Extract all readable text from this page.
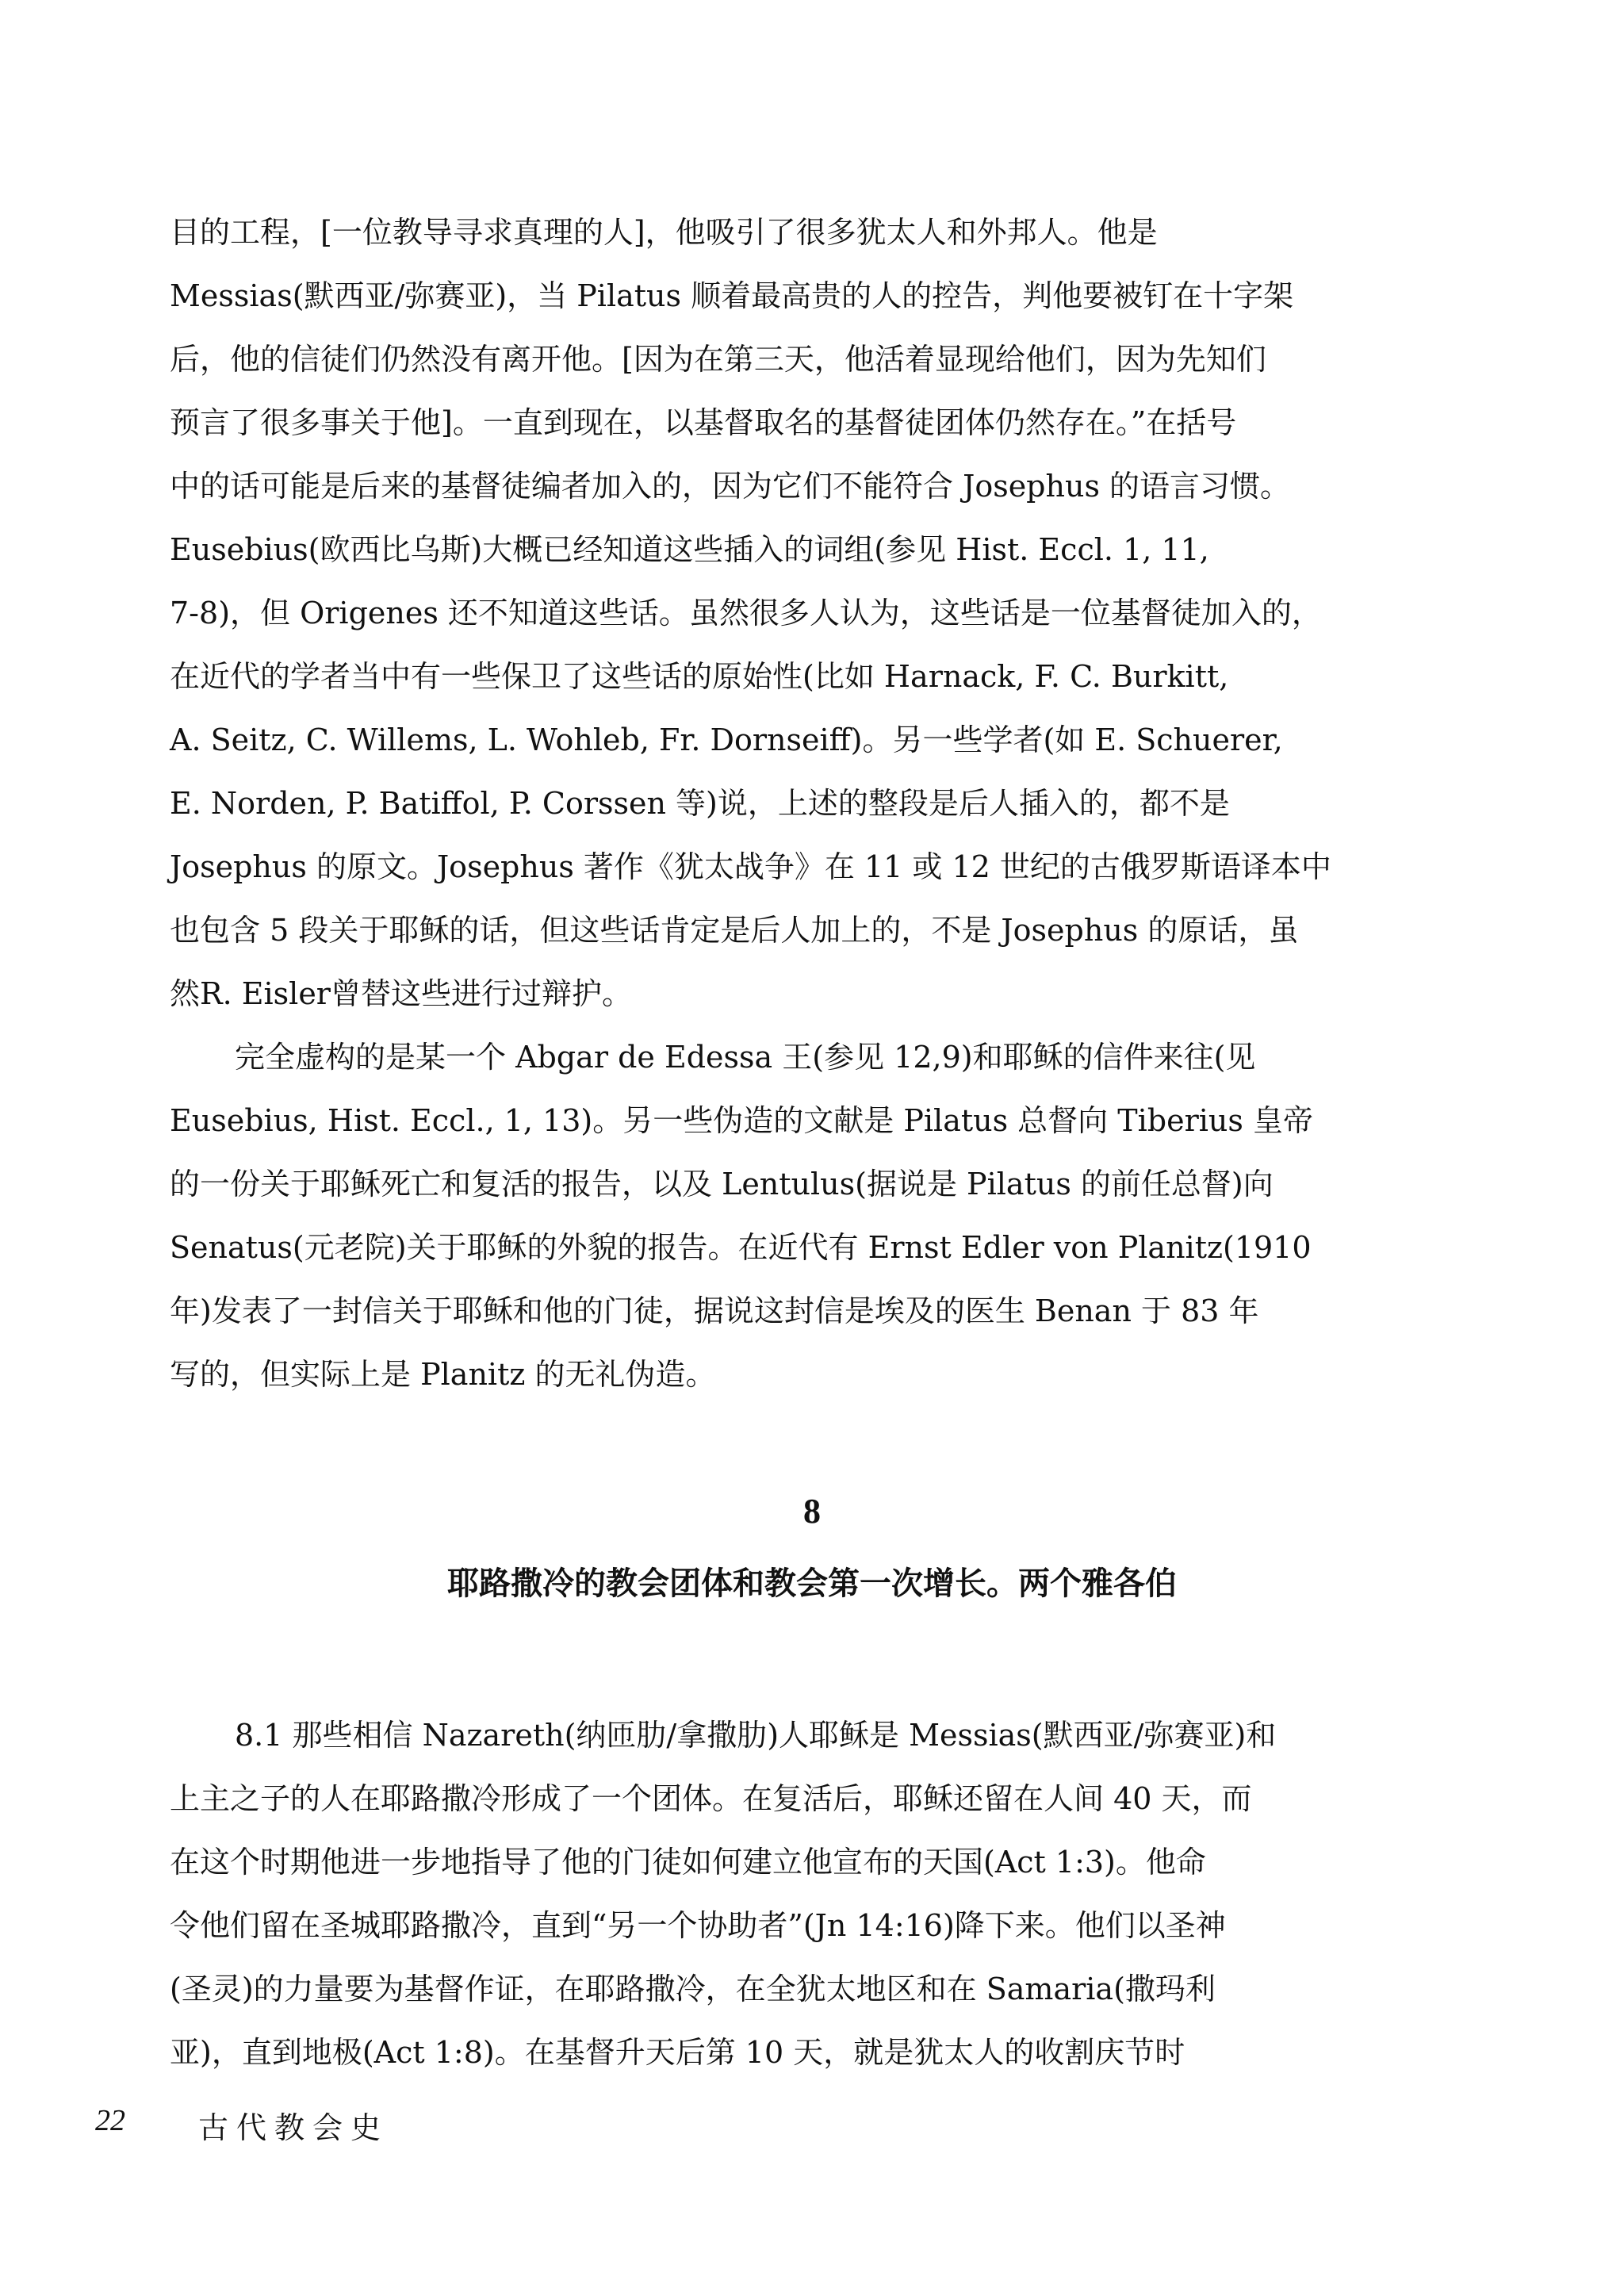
目的工程，[一位教导寻求真理的人]，他吸引了很多犹太人和外邦人。他是
Messias(默西亚/弥赛亚)，当 Pilatus 顺着最高贵的人的控告，判他要被钉在十字架
后，他的信徒们仍然没有离开他。[因为在第三天，他活着显现给他们，因为先知们
预言了很多事关于他]。一直到现在，以基督取名的基督徒团体仍然存在。”在括号
中的话可能是后来的基督徒编者加入的，因为它们不能符合 Josephus 的语言习惯。
Eusebius(欧西比乌斯)大概已经知道这些插入的词组(参见 Hist. Eccl. 1, 11,
7-8)，但 Origenes 还不知道这些话。虽然很多人认为，这些话是一位基督徒加入的，
在近代的学者当中有一些保卫了这些话的原始性(比如 Harnack, F. C. Burkitt,
A. Seitz, C. Willems, L. Wohleb, Fr. Dornseiff)。另一些学者(如 E. Schuerer,
E. Norden, P. Batiffol, P. Corssen 等)说，上述的整段是后人插入的，都不是
Josephus 的原文。Josephus 著作《犹太战争》在 11 或 12 世纪的古俄罗斯语译本中
也包含 5 段关于耶稣的话，但这些话肯定是后人加上的，不是 Josephus 的原话，虽
然R. Eisler曾替这些进行过辩护。
完全虚构的是某一个 Abgar de Edessa 王(参见 12,9)和耶稣的信件来往(见
Eusebius, Hist. Eccl., 1, 13)。另一些伪造的文献是 Pilatus 总督向 Tiberius 皇帝
的一份关于耶稣死亡和复活的报告，以及 Lentulus(据说是 Pilatus 的前任总督)向
Senatus(元老院)关于耶稣的外貌的报告。在近代有 Ernst Edler von Planitz(1910
年)发表了一封信关于耶稣和他的门徒，据说这封信是埃及的医生 Benan 于 83 年
写的，但实际上是 Planitz 的无礼伪造。
8
耶路撒冷的教会团体和教会第一次增长。两个雅各伯
8.1 那些相信 Nazareth(纳匝肋/拿撒肋)人耶稣是 Messias(默西亚/弥赛亚)和
上主之子的人在耶路撒冷形成了一个团体。在复活后，耶稣还留在人间 40 天，而
在这个时期他进一步地指导了他的门徒如何建立他宣布的天国(Act 1:3)。他命
令他们留在圣城耶路撒冷，直到“另一个协助者”(Jn 14:16)降下来。他们以圣神
(圣灵)的力量要为基督作证，在耶路撒冷，在全犹太地区和在 Samaria(撒玛利
亚)，直到地极(Act 1:8)。在基督升天后第 10 天，就是犹太人的收割庆节时
22 古代教会史
